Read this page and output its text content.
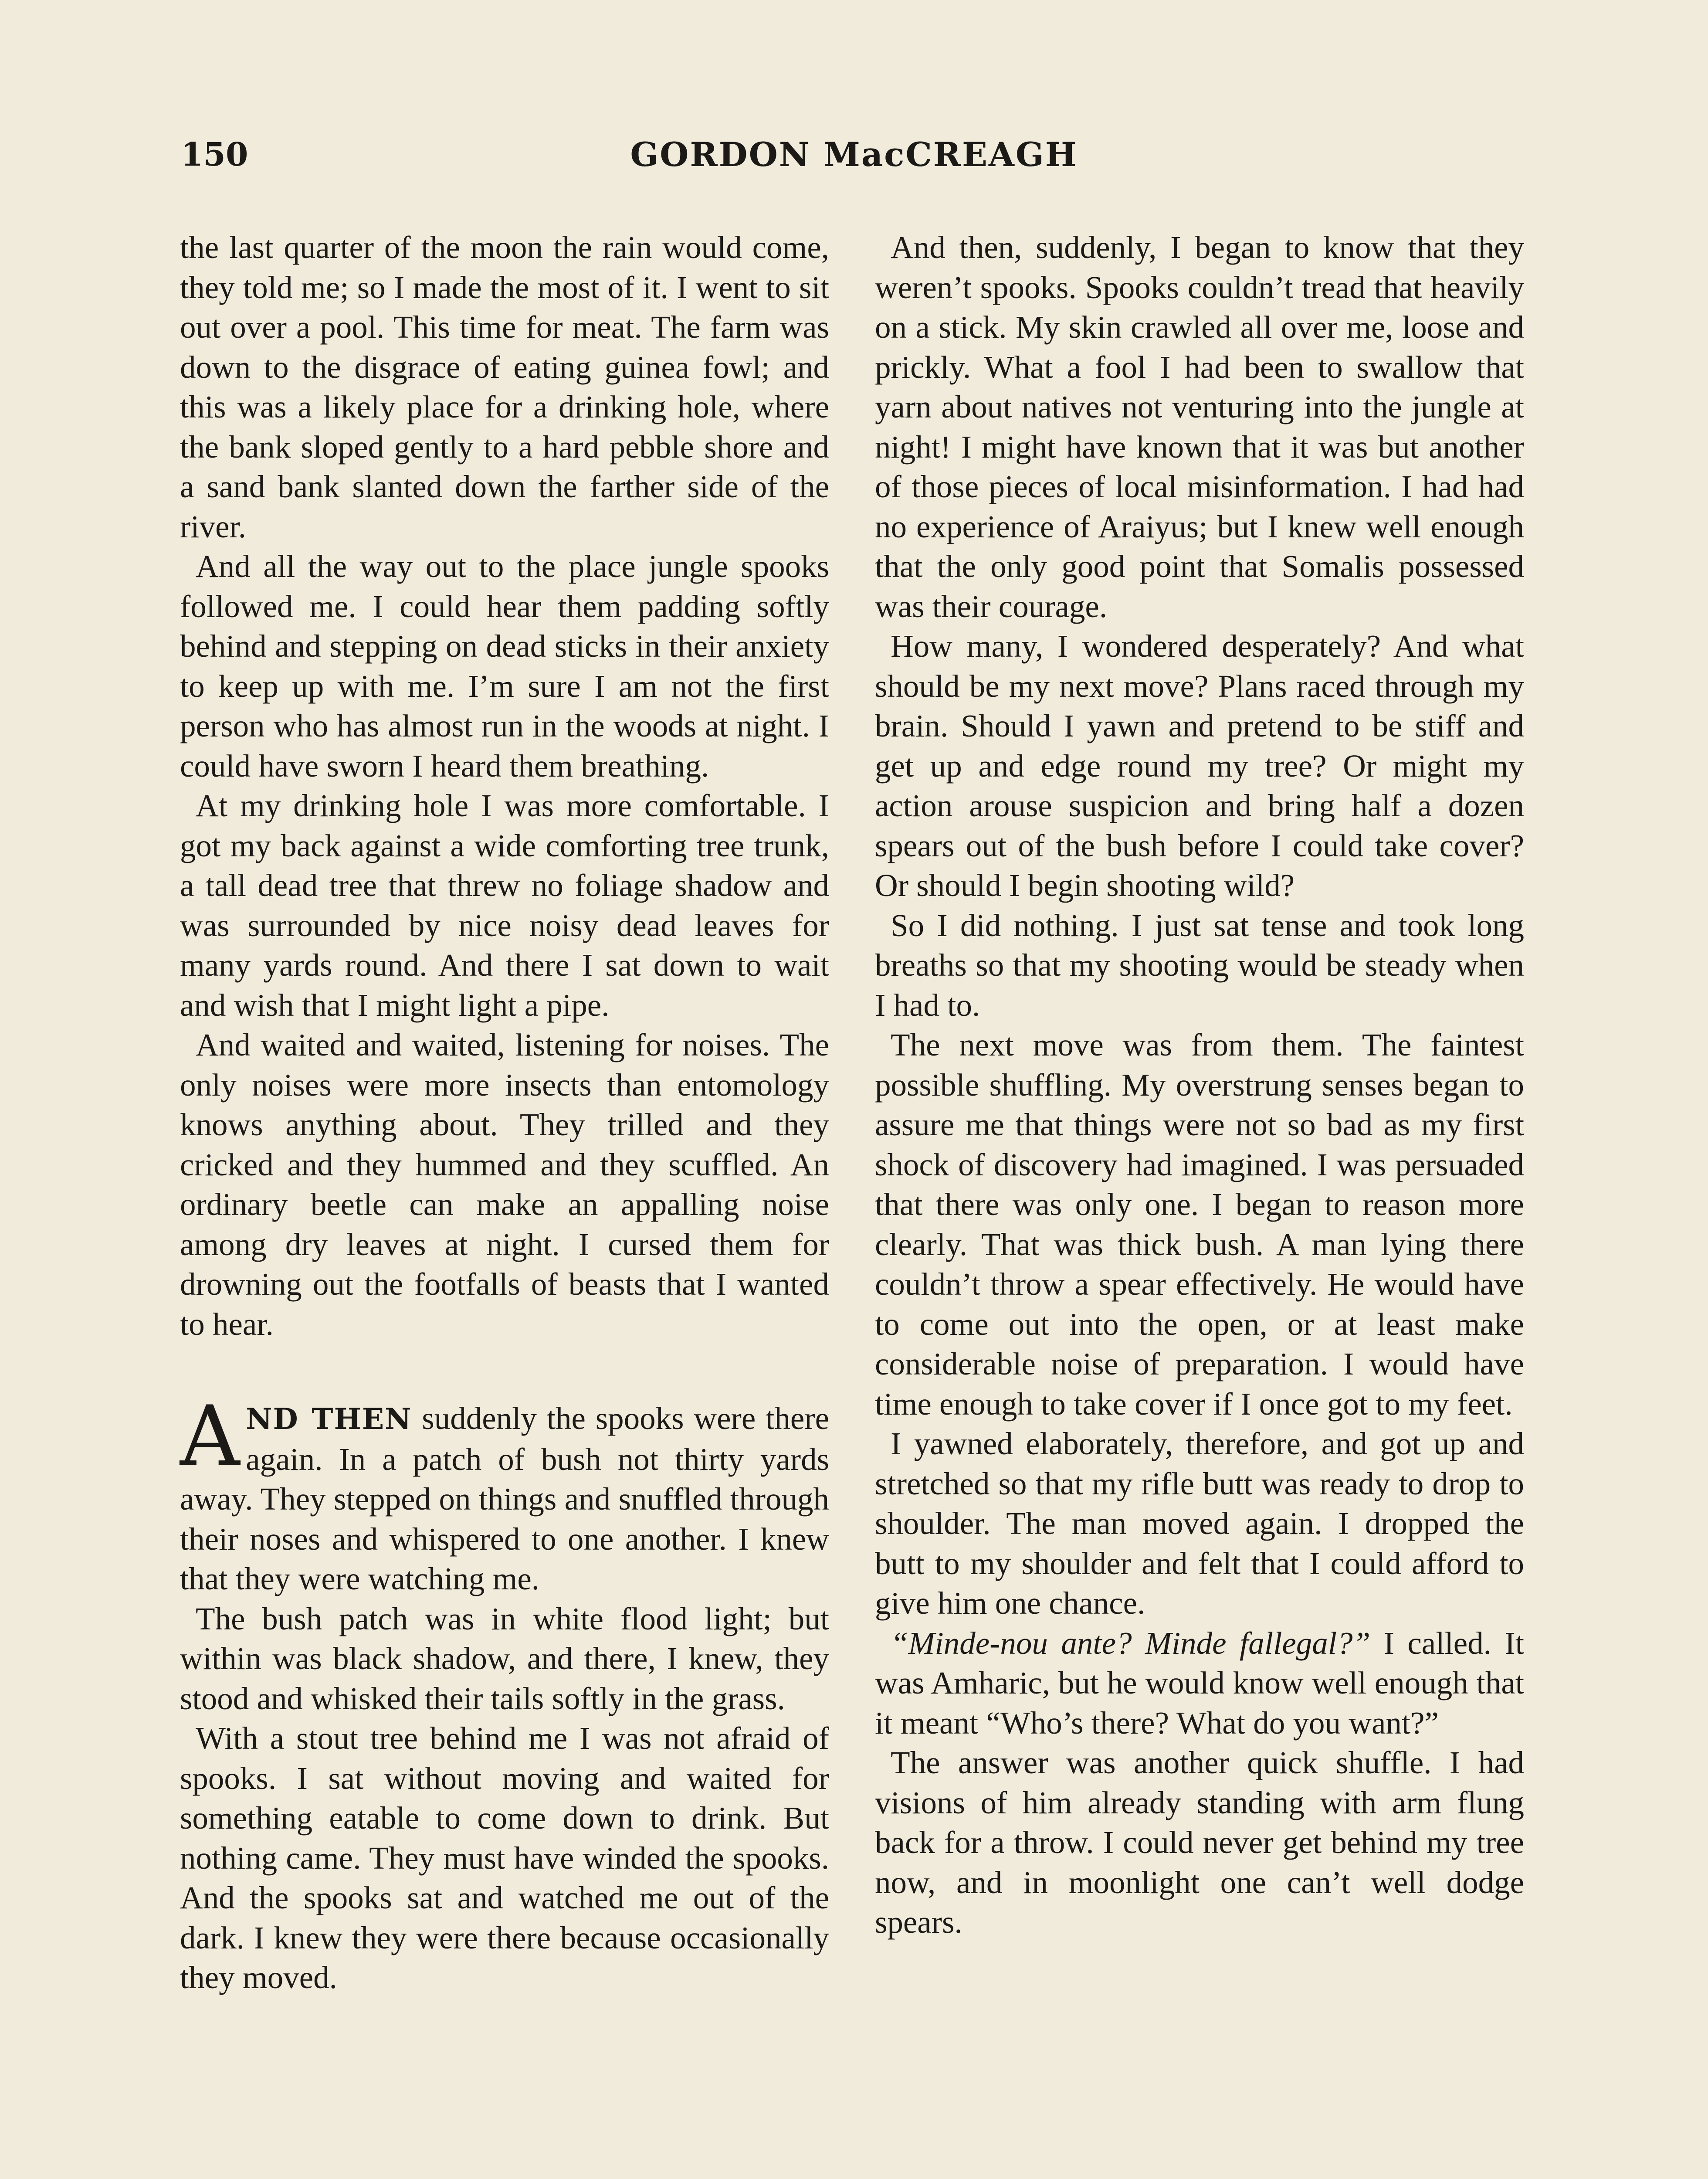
150	GORDON MacCREAGH

the last quarter of the moon the rain would come, they told me; so I made the most of it. I went to sit out over a pool. This time for meat. The farm was down to the disgrace of eating guinea fowl; and this was a likely place for a drinking hole, where the bank sloped gently to a hard pebble shore and a sand bank slanted down the farther side of the river.

And all the way out to the place jungle spooks followed me. I could hear them padding softly behind and stepping on dead sticks in their anxiety to keep up with me. I’m sure I am not the first person who has almost run in the woods at night. I could have sworn I heard them breathing.

At my drinking hole I was more comfortable. I got my back against a wide comforting tree trunk, a tall dead tree that threw no foliage shadow and was surrounded by nice noisy dead leaves for many yards round. And there I sat down to wait and wish that I might light a pipe.

And waited and waited, listening for noises. The only noises were more insects than entomology knows anything about. They trilled and they cricked and they hummed and they scuffled. An ordinary beetle can make an appalling noise among dry leaves at night. I cursed them for drowning out the footfalls of beasts that I wanted to hear.

AND THEN suddenly the spooks were there again. In a patch of bush not thirty yards away. They stepped on things and snuffled through their noses and whispered to one another. I knew that they were watching me.

The bush patch was in white flood light; but within was black shadow, and there, I knew, they stood and whisked their tails softly in the grass.

With a stout tree behind me I was not afraid of spooks. I sat without moving and waited for something eatable to come down to drink. But nothing came. They must have winded the spooks. And the spooks sat and watched me out of the dark. I knew they were there because occasionally they moved.

And then, suddenly, I began to know that they weren’t spooks. Spooks couldn’t tread that heavily on a stick. My skin crawled all over me, loose and prickly. What a fool I had been to swallow that yarn about natives not venturing into the jungle at night! I might have known that it was but another of those pieces of local misinformation. I had had no experience of Araiyus; but I knew well enough that the only good point that Somalis possessed was their courage.

How many, I wondered desperately? And what should be my next move? Plans raced through my brain. Should I yawn and pretend to be stiff and get up and edge round my tree? Or might my action arouse suspicion and bring half a dozen spears out of the bush before I could take cover? Or should I begin shooting wild?

So I did nothing. I just sat tense and took long breaths so that my shooting would be steady when I had to.

The next move was from them. The faintest possible shuffling. My overstrung senses began to assure me that things were not so bad as my first shock of discovery had imagined. I was persuaded that there was only one. I began to reason more clearly. That was thick bush. A man lying there couldn’t throw a spear effectively. He would have to come out into the open, or at least make considerable noise of preparation. I would have time enough to take cover if I once got to my feet.

I yawned elaborately, therefore, and got up and stretched so that my rifle butt was ready to drop to shoulder. The man moved again. I dropped the butt to my shoulder and felt that I could afford to give him one chance.

“Minde-nou ante? Minde fallegal?” I called. It was Amharic, but he would know well enough that it meant “Who’s there? What do you want?”

The answer was another quick shuffle. I had visions of him already standing with arm flung back for a throw. I could never get behind my tree now, and in moonlight one can’t well dodge spears.
